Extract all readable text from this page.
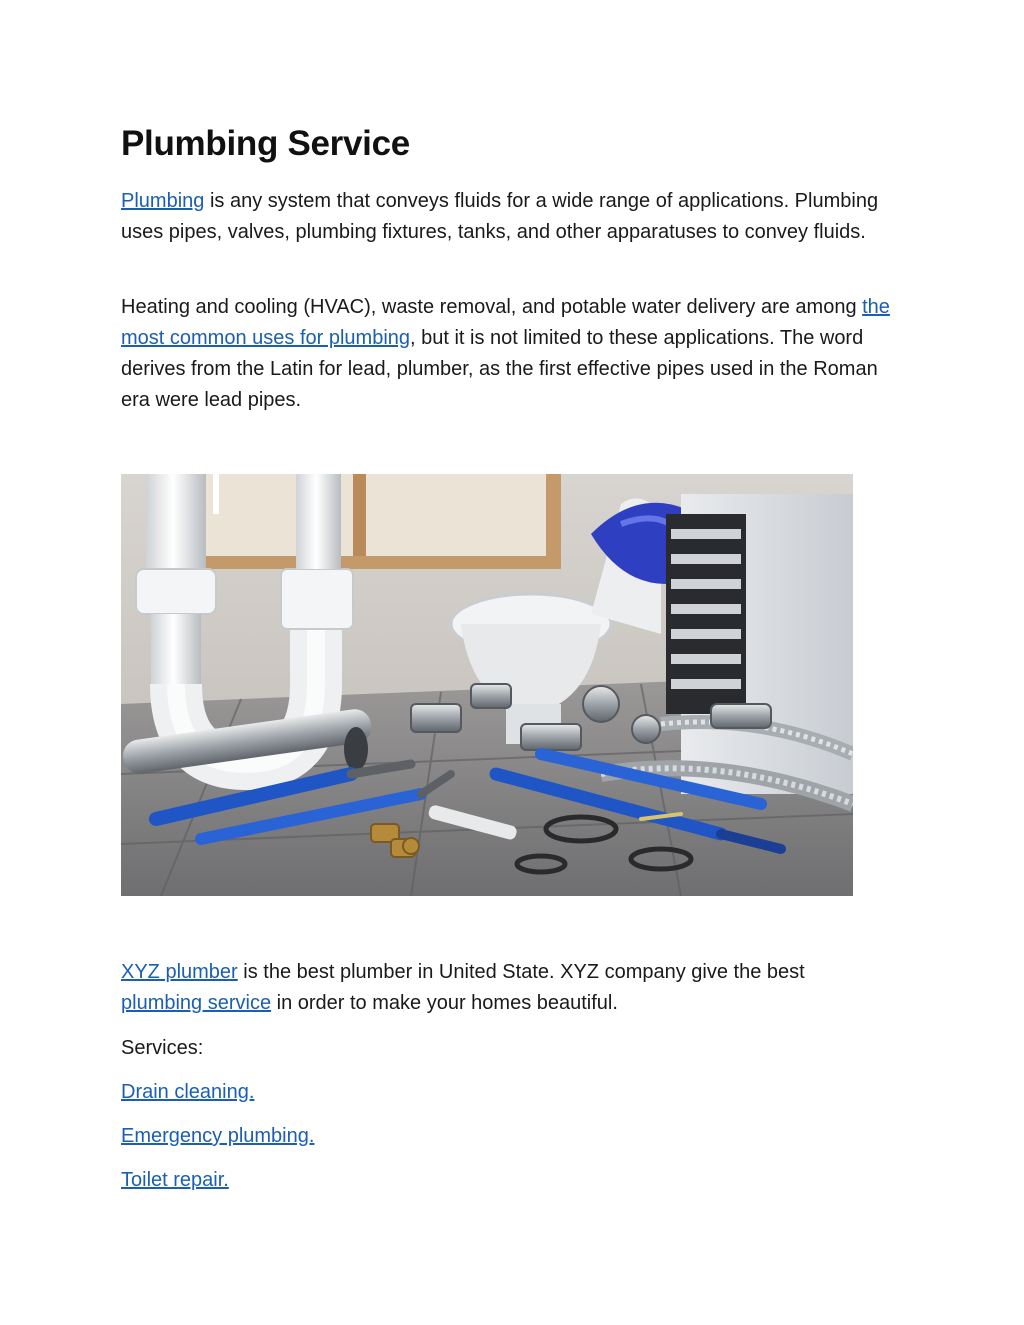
Plumbing Service

Plumbing is any system that conveys fluids for a wide range of applications. Plumbing uses pipes, valves, plumbing fixtures, tanks, and other apparatuses to convey fluids.

Heating and cooling (HVAC), waste removal, and potable water delivery are among the most common uses for plumbing, but it is not limited to these applications. The word derives from the Latin for lead, plumber, as the first effective pipes used in the Roman era were lead pipes.

XYZ plumber is the best plumber in United State. XYZ company give the best plumbing service in order to make your homes beautiful.

Services:

Drain cleaning.

Emergency plumbing.

Toilet repair.
